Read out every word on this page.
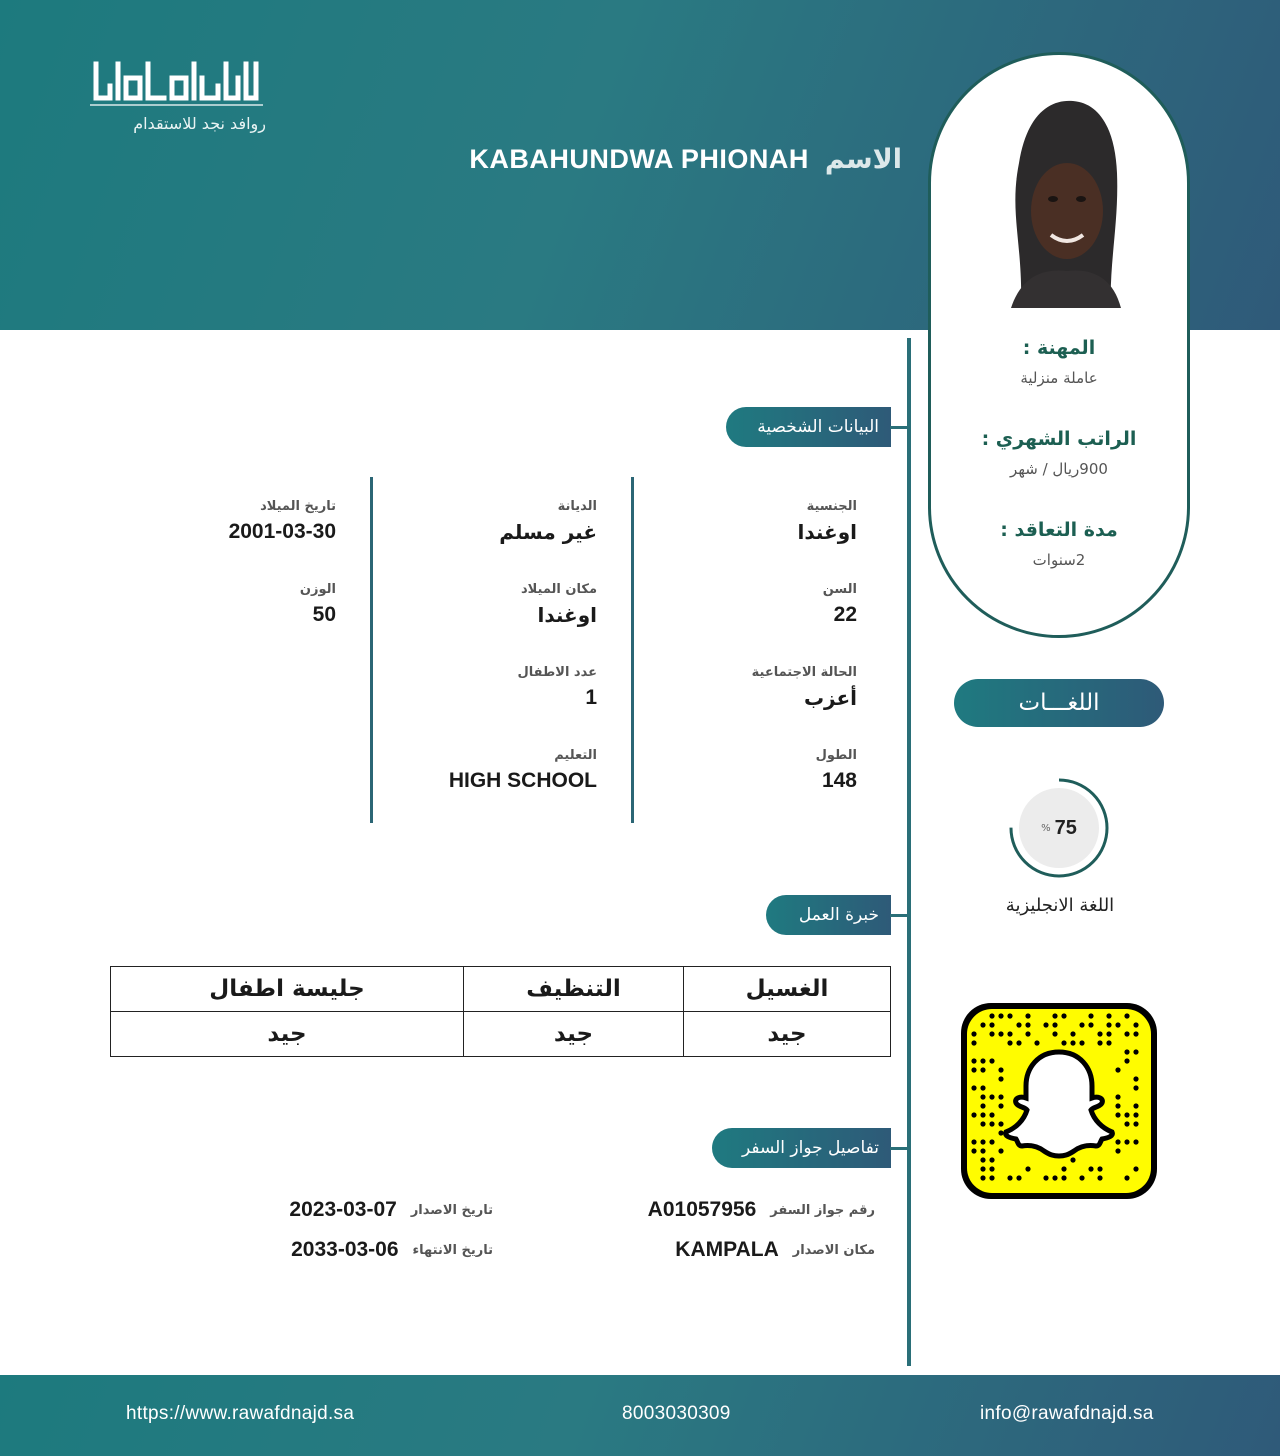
روافد نجد للاستقدام
الاسم
KABAHUNDWA PHIONAH
المهنة :
عاملة منزلية
الراتب الشهري :
900ريال / شهر
مدة التعاقد :
2سنوات
البيانات الشخصية
الجنسية
اوغندا
السن
22
الحالة الاجتماعية
أعزب
الطول
148
الديانة
غير مسلم
مكان الميلاد
اوغندا
عدد الاطفال
1
التعليم
HIGH SCHOOL
تاريخ الميلاد
2001-03-30
الوزن
50
خبرة العمل
الغسيل	التنظيف	جليسة اطفال
جيد	جيد	جيد
تفاصيل جواز السفر
رقم جواز السفر
A01057956
مكان الاصدار
KAMPALA
تاريخ الاصدار
2023-03-07
تاريخ الانتهاء
2033-03-06
اللغـــات
% 75
اللغة الانجليزية
info@rawafdnajd.sa
8003030309
https://www.rawafdnajd.sa
